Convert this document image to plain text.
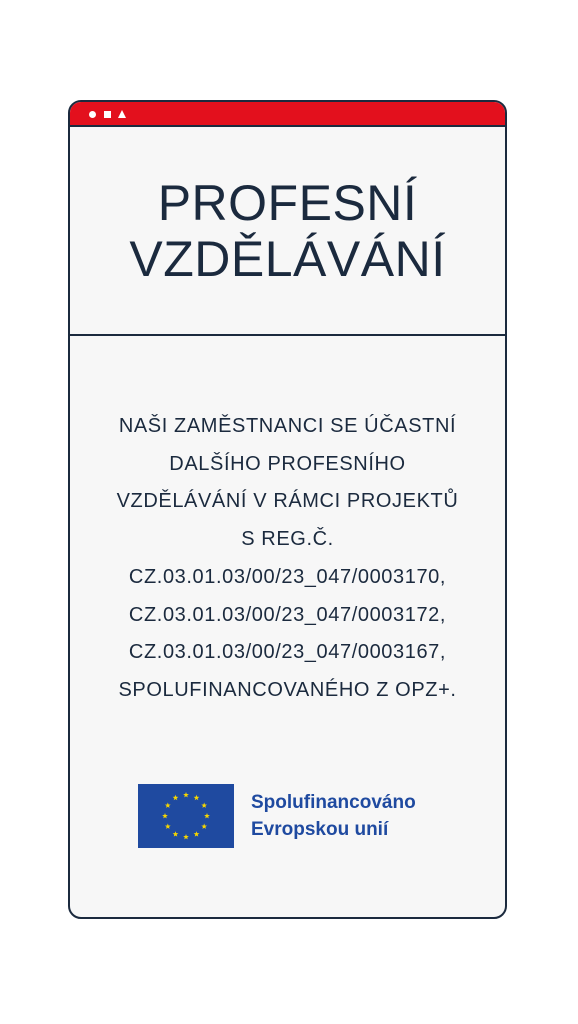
PROFESNÍ
VZDĚLÁVÁNÍ
NAŠI ZAMĚSTNANCI SE ÚČASTNÍ
DALŠÍHO PROFESNÍHO
VZDĚLÁVÁNÍ V RÁMCI PROJEKTŮ
S REG.Č.
CZ.03.01.03/00/23_047/0003170,
CZ.03.01.03/00/23_047/0003172,
CZ.03.01.03/00/23_047/0003167,
SPOLUFINANCOVANÉHO Z OPZ+.
Spolufinancováno
Evropskou unií
